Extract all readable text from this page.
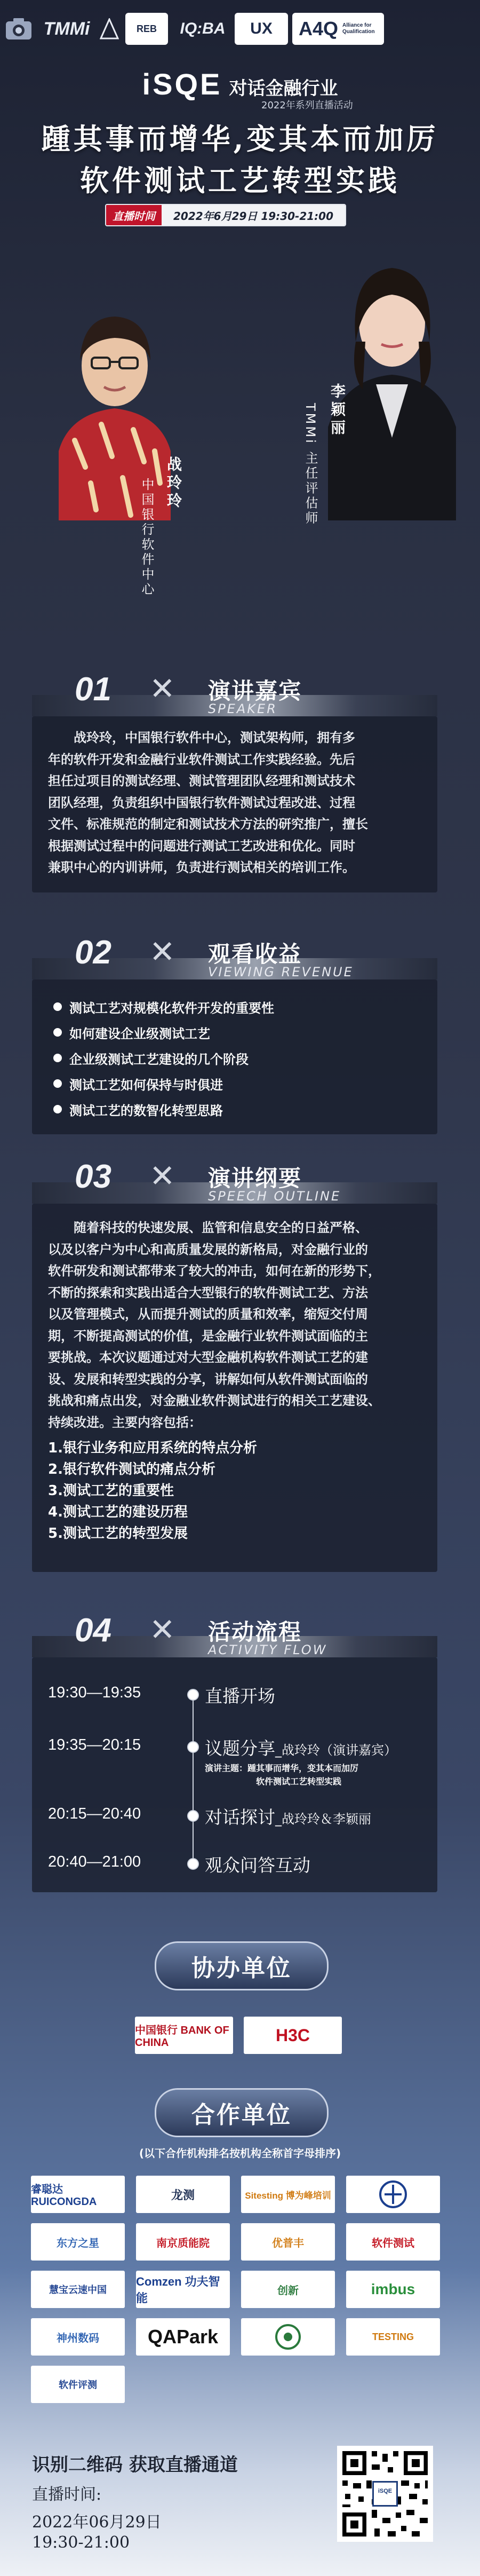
TMMi	REB	IQ:BA	UX	A4Q Alliance for Qualification
iSQE 对话金融行业
2022年系列直播活动
踵其事而增华,变其本而加厉
软件测试工艺转型实践
直播时间	2022年6月29日 19:30-21:00
战玲玲
中国银行软件中心
李颖丽
TMMi 主任评估师
01 ✕ 演讲嘉宾
SPEAKER
战玲玲，中国银行软件中心，测试架构师，拥有多
年的软件开发和金融行业软件测试工作实践经验。先后
担任过项目的测试经理、测试管理团队经理和测试技术
团队经理，负责组织中国银行软件测试过程改进、过程
文件、标准规范的制定和测试技术方法的研究推广，擅长
根据测试过程中的问题进行测试工艺改进和优化。同时
兼职中心的内训讲师，负责进行测试相关的培训工作。
02 ✕ 观看收益
VIEWING REVENUE
测试工艺对规模化软件开发的重要性
如何建设企业级测试工艺
企业级测试工艺建设的几个阶段
测试工艺如何保持与时俱进
测试工艺的数智化转型思路
03 ✕ 演讲纲要
SPEECH OUTLINE
随着科技的快速发展、监管和信息安全的日益严格、
以及以客户为中心和高质量发展的新格局，对金融行业的
软件研发和测试都带来了较大的冲击，如何在新的形势下，
不断的探索和实践出适合大型银行的软件测试工艺、方法
以及管理模式，从而提升测试的质量和效率，缩短交付周
期，不断提高测试的价值，是金融行业软件测试面临的主
要挑战。本次议题通过对大型金融机构软件测试工艺的建
设、发展和转型实践的分享，讲解如何从软件测试面临的
挑战和痛点出发，对金融业软件测试进行的相关工艺建设、
持续改进。主要内容包括：
1.银行业务和应用系统的特点分析
2.银行软件测试的痛点分析
3.测试工艺的重要性
4.测试工艺的建设历程
5.测试工艺的转型发展
04 ✕ 活动流程
ACTIVITY FLOW
19:30—19:35	直播开场
19:35—20:15	议题分享_战玲玲（演讲嘉宾）
演讲主题：踵其事而增华，变其本而加厉
软件测试工艺转型实践
20:15—20:40	对话探讨_战玲玲＆李颖丽
20:40—21:00	观众问答互动
协办单位
中国银行 BANK OF CHINA	H3C
合作单位
(以下合作机构排名按机构全称首字母排序)
睿聪达 RUICONGDA
龙测	Sitesting 博为峰培训
东方之星	南京质能院	优普丰	软件测试
慧宝云速中国
Comzen 功夫智能
创新	imbus
神州数码	QAPark	TESTING
软件评测
识别二维码 获取直播通道
直播时间:
2022年06月29日
19:30-21:00
iSQE
